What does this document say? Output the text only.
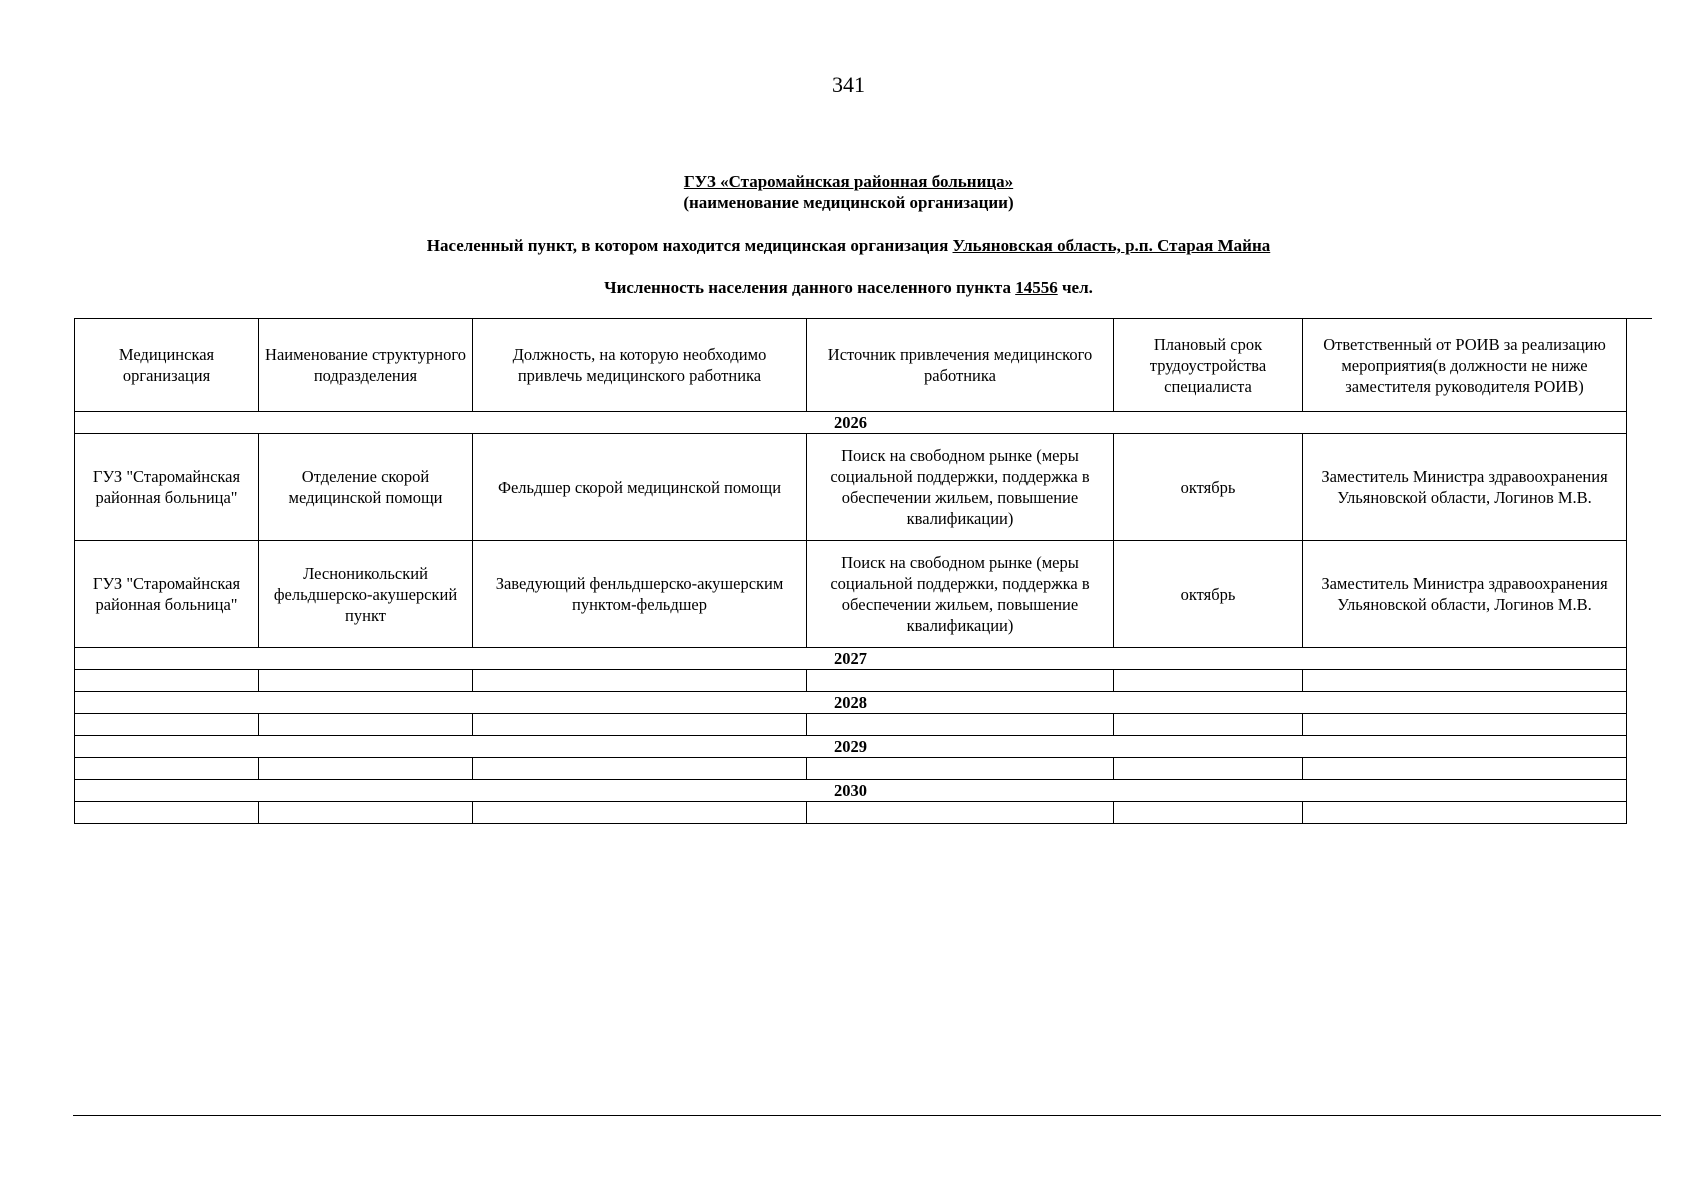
341
ГУЗ «Старомайнская районная больница»
(наименование медицинской организации)
Населенный пункт, в котором находится медицинская организация Ульяновская область, р.п. Старая Майна
Численность населения данного населенного пункта 14556 чел.
Медицинская организация	Наименование структурного подразделения	Должность, на которую необходимо привлечь медицинского работника	Источник привлечения медицинского работника	Плановый срок трудоустройства специалиста	Ответственный от РОИВ за реализацию мероприятия(в должности не ниже заместителя руководителя РОИВ)
2026					
ГУЗ "Старомайнская районная больница"	Отделение скорой медицинской помощи	Фельдшер скорой медицинской помощи	Поиск на свободном рынке (меры социальной поддержки, поддержка в обеспечении жильем, повышение квалификации)	октябрь	Заместитель Министра здравоохранения Ульяновской области, Логинов М.В.
ГУЗ "Старомайнская районная больница"	Лесноникольский фельдшерско-акушерский пункт	Заведующий фенльдшерско-акушерским пунктом-фельдшер	Поиск на свободном рынке (меры социальной поддержки, поддержка в обеспечении жильем, повышение квалификации)	октябрь	Заместитель Министра здравоохранения Ульяновской области, Логинов М.В.
2027					

2028					

2029					

2030					
